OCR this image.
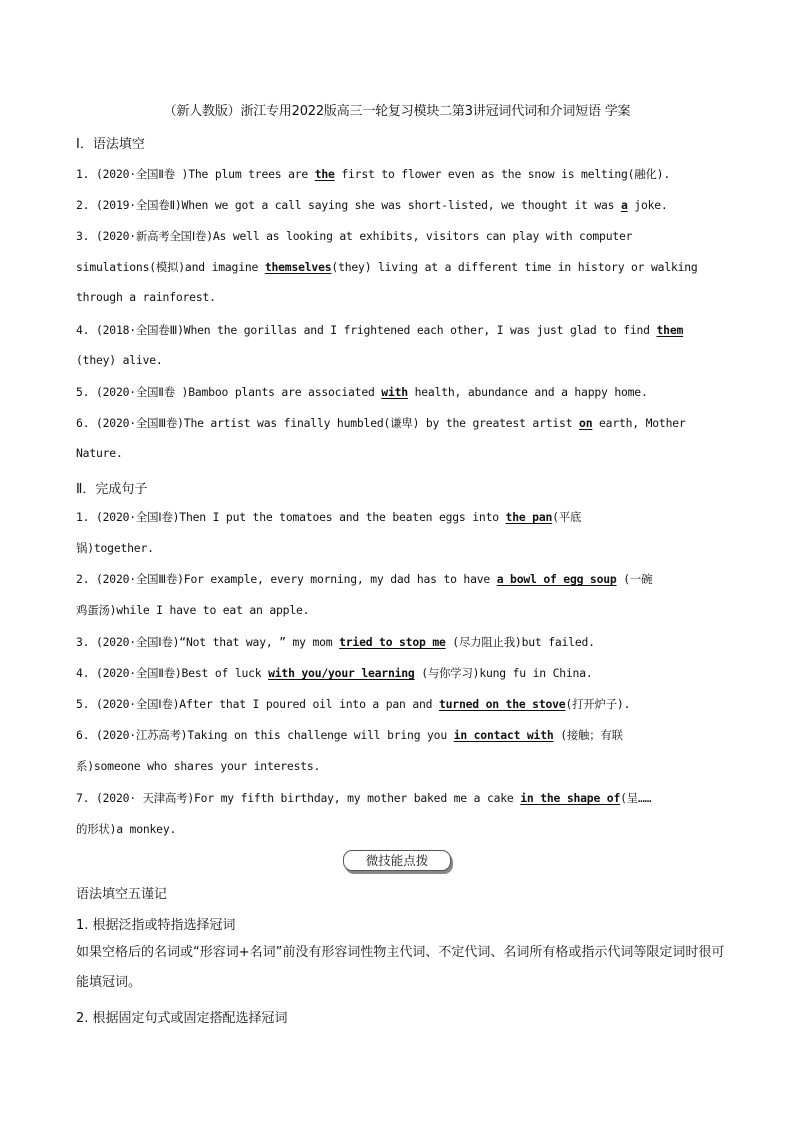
（新人教版）浙江专用2022版高三一轮复习模块二第3讲冠词代词和介词短语 学案
Ⅰ．语法填空
1. (2020·全国Ⅱ卷 )The plum trees are the first to flower even as the snow is melting(融化).
2. (2019·全国卷Ⅱ)When we got a call saying she was short-listed, we thought it was a joke.
3. (2020·新高考全国Ⅰ卷)As well as looking at exhibits, visitors can play with computer
simulations(模拟)and imagine themselves(they) living at a different time in history or walking
through a rainforest.
4. (2018·全国卷Ⅲ)When the gorillas and I frightened each other, I was just glad to find them
(they) alive.
5. (2020·全国Ⅱ卷 )Bamboo plants are associated with health, abundance and a happy home.
6. (2020·全国Ⅲ卷)The artist was finally humbled(谦卑) by the greatest artist on earth, Mother
Nature.
Ⅱ．完成句子
1. (2020·全国Ⅰ卷)Then I put the tomatoes and the beaten eggs into the pan(平底
锅)together.
2. (2020·全国Ⅲ卷)For example, every morning, my dad has to have a bowl of egg soup (一碗
鸡蛋汤)while I have to eat an apple.
3. (2020·全国Ⅰ卷)“Not that way, ” my mom tried to stop me (尽力阻止我)but failed.
4. (2020·全国Ⅱ卷)Best of luck with you/your learning (与你学习)kung fu in China.
5. (2020·全国Ⅰ卷)After that I poured oil into a pan and turned on the stove(打开炉子).
6. (2020·江苏高考)Taking on this challenge will bring you in contact with (接触；有联
系)someone who shares your interests.
7. (2020· 天津高考)For my fifth birthday, my mother baked me a cake in the shape of(呈……
的形状)a monkey.
微技能点拨
语法填空五谨记
1. 根据泛指或特指选择冠词
如果空格后的名词或“形容词+名词”前没有形容词性物主代词、不定代词、名词所有格或指示代词等限定词时很可能填冠词。
2. 根据固定句式或固定搭配选择冠词
